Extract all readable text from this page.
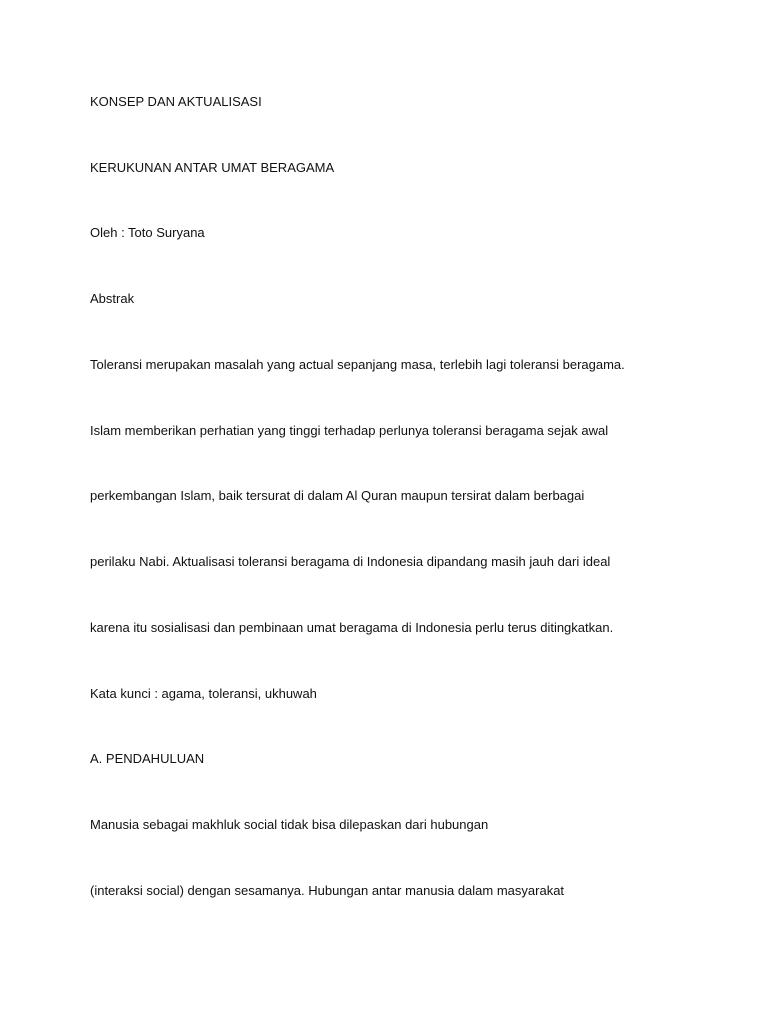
KONSEP DAN AKTUALISASI

KERUKUNAN ANTAR UMAT BERAGAMA

Oleh : Toto Suryana

Abstrak

Toleransi merupakan masalah yang actual sepanjang masa, terlebih lagi toleransi beragama.

Islam memberikan perhatian yang tinggi terhadap perlunya toleransi beragama sejak awal

perkembangan Islam, baik tersurat di dalam Al Quran maupun tersirat dalam berbagai

perilaku Nabi. Aktualisasi toleransi beragama di Indonesia dipandang masih jauh dari ideal

karena itu sosialisasi dan pembinaan umat beragama di Indonesia perlu terus ditingkatkan.

Kata kunci : agama, toleransi, ukhuwah

A. PENDAHULUAN

Manusia sebagai makhluk social tidak bisa dilepaskan dari hubungan

(interaksi social) dengan sesamanya. Hubungan antar manusia dalam masyarakat
